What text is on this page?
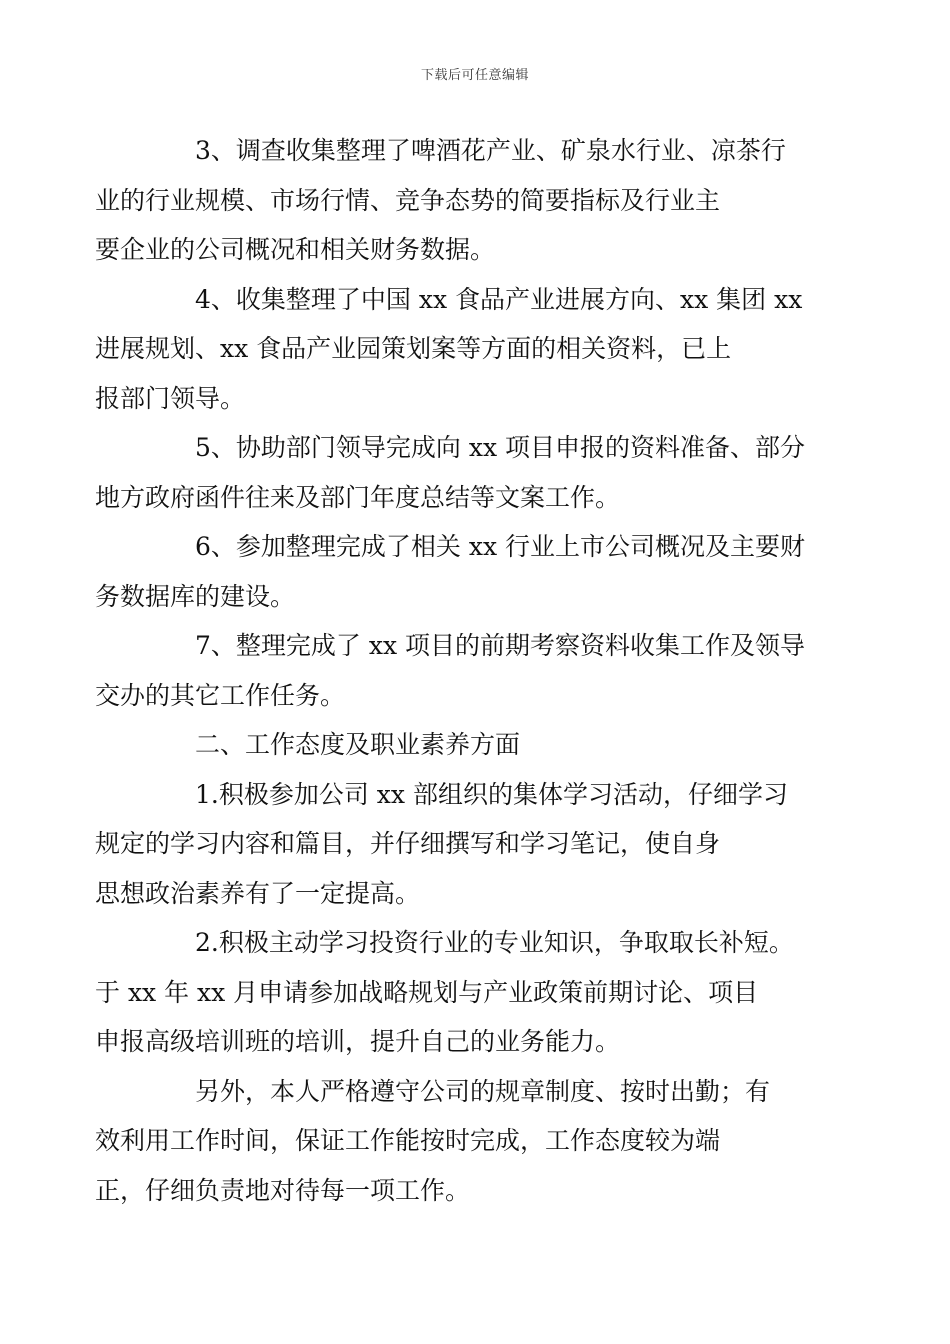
下载后可任意编辑

3、调查收集整理了啤酒花产业、矿泉水行业、凉茶行
业的行业规模、市场行情、竞争态势的简要指标及行业主
要企业的公司概况和相关财务数据。

4、收集整理了中国 xx 食品产业进展方向、xx 集团 xx
进展规划、xx 食品产业园策划案等方面的相关资料，已上
报部门领导。

5、协助部门领导完成向 xx 项目申报的资料准备、部分
地方政府函件往来及部门年度总结等文案工作。

6、参加整理完成了相关 xx 行业上市公司概况及主要财
务数据库的建设。

7、整理完成了 xx 项目的前期考察资料收集工作及领导
交办的其它工作任务。

二、工作态度及职业素养方面

1.积极参加公司 xx 部组织的集体学习活动，仔细学习
规定的学习内容和篇目，并仔细撰写和学习笔记，使自身
思想政治素养有了一定提高。

2.积极主动学习投资行业的专业知识，争取取长补短。
于 xx 年 xx 月申请参加战略规划与产业政策前期讨论、项目
申报高级培训班的培训，提升自己的业务能力。

另外，本人严格遵守公司的规章制度、按时出勤；有
效利用工作时间，保证工作能按时完成，工作态度较为端
正，仔细负责地对待每一项工作。
